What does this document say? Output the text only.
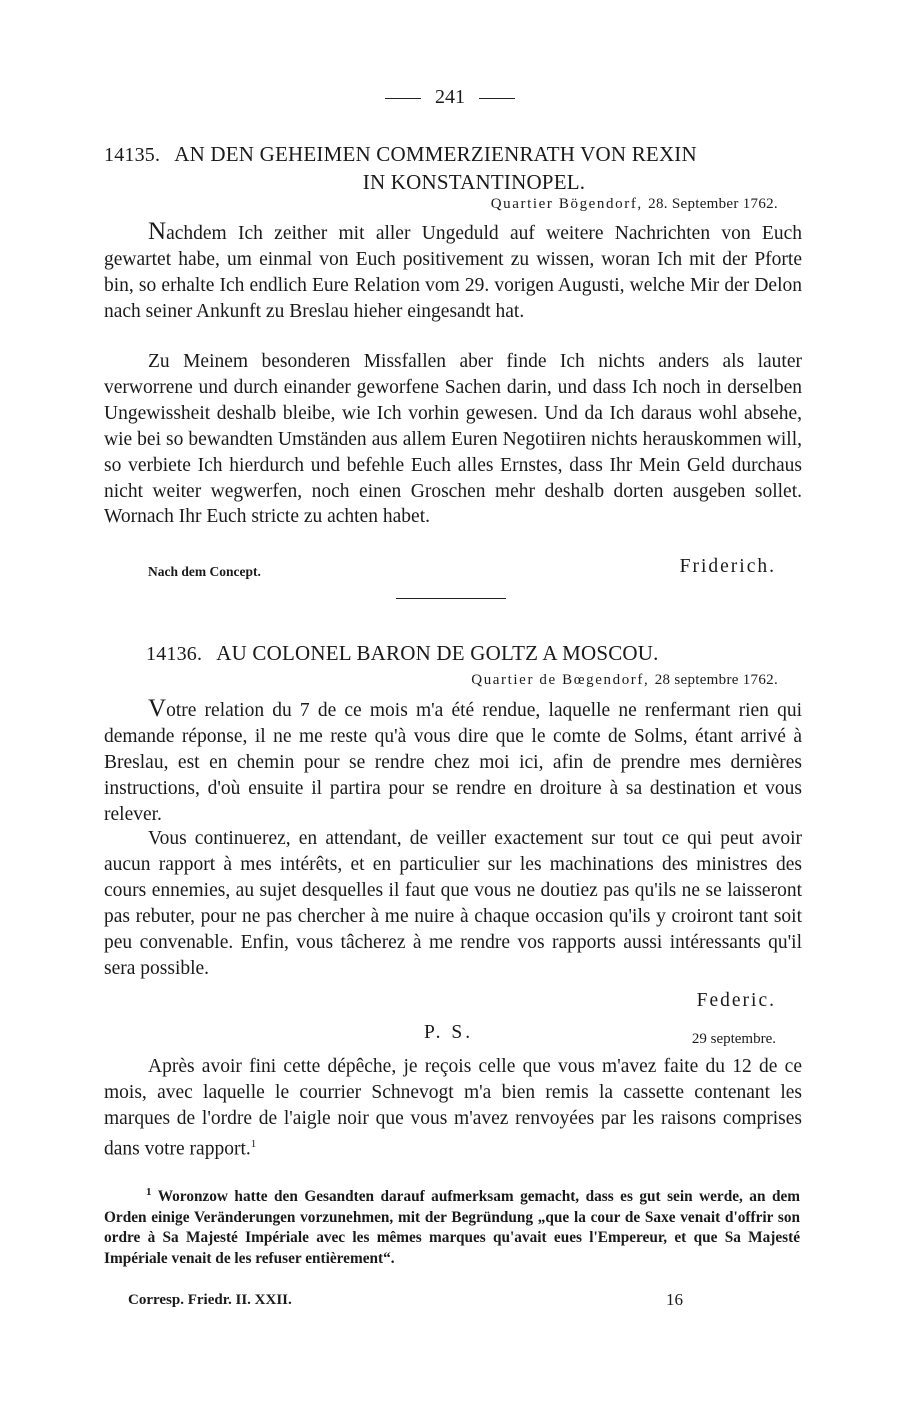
241
14135. AN DEN GEHEIMEN COMMERZIENRATH VON REXIN
IN KONSTANTINOPEL.
Quartier Bögendorf, 28. September 1762.
Nachdem Ich zeither mit aller Ungeduld auf weitere Nachrichten von Euch gewartet habe, um einmal von Euch positivement zu wissen, woran Ich mit der Pforte bin, so erhalte Ich endlich Eure Relation vom 29. vorigen Augusti, welche Mir der Delon nach seiner Ankunft zu Breslau hieher eingesandt hat.
Zu Meinem besonderen Missfallen aber finde Ich nichts anders als lauter verworrene und durch einander geworfene Sachen darin, und dass Ich noch in derselben Ungewissheit deshalb bleibe, wie Ich vorhin gewesen. Und da Ich daraus wohl absehe, wie bei so bewandten Umständen aus allem Euren Negotiiren nichts herauskommen will, so verbiete Ich hierdurch und befehle Euch alles Ernstes, dass Ihr Mein Geld durchaus nicht weiter wegwerfen, noch einen Groschen mehr deshalb dorten ausgeben sollet. Wornach Ihr Euch stricte zu achten habet.
Nach dem Concept.	Friderich.
14136. AU COLONEL BARON DE GOLTZ A MOSCOU.
Quartier de Bœgendorf, 28 septembre 1762.
Votre relation du 7 de ce mois m'a été rendue, laquelle ne renfermant rien qui demande réponse, il ne me reste qu'à vous dire que le comte de Solms, étant arrivé à Breslau, est en chemin pour se rendre chez moi ici, afin de prendre mes dernières instructions, d'où ensuite il partira pour se rendre en droiture à sa destination et vous relever.
Vous continuerez, en attendant, de veiller exactement sur tout ce qui peut avoir aucun rapport à mes intérêts, et en particulier sur les machinations des ministres des cours ennemies, au sujet desquelles il faut que vous ne doutiez pas qu'ils ne se laisseront pas rebuter, pour ne pas chercher à me nuire à chaque occasion qu'ils y croiront tant soit peu convenable. Enfin, vous tâcherez à me rendre vos rapports aussi intéressants qu'il sera possible.
Federic.
P. S.	29 septembre.
Après avoir fini cette dépêche, je reçois celle que vous m'avez faite du 12 de ce mois, avec laquelle le courrier Schnevogt m'a bien remis la cassette contenant les marques de l'ordre de l'aigle noir que vous m'avez renvoyées par les raisons comprises dans votre rapport.$^1$
$^1$ Woronzow hatte den Gesandten darauf aufmerksam gemacht, dass es gut sein werde, an dem Orden einige Veränderungen vorzunehmen, mit der Begründung „que la cour de Saxe venait d'offrir son ordre à Sa Majesté Impériale avec les mêmes marques qu'avait eues l'Empereur, et que Sa Majesté Impériale venait de les refuser entièrement“.
Corresp. Friedr. II. XXII.	16
